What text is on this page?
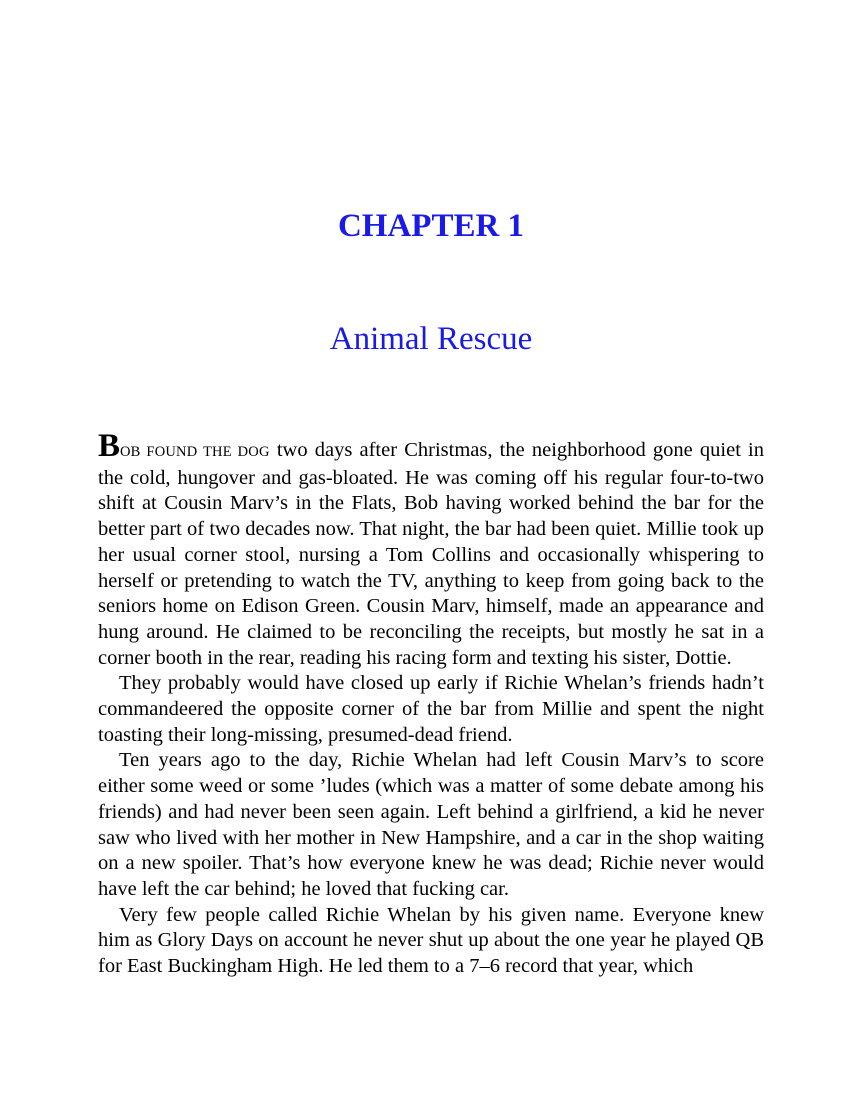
CHAPTER 1
Animal Rescue

BOB FOUND THE DOG two days after Christmas, the neighborhood gone quiet in the cold, hungover and gas-bloated. He was coming off his regular four-to-two shift at Cousin Marv’s in the Flats, Bob having worked behind the bar for the better part of two decades now. That night, the bar had been quiet. Millie took up her usual corner stool, nursing a Tom Collins and occasionally whispering to herself or pretending to watch the TV, anything to keep from going back to the seniors home on Edison Green. Cousin Marv, himself, made an appearance and hung around. He claimed to be reconciling the receipts, but mostly he sat in a corner booth in the rear, reading his racing form and texting his sister, Dottie.

They probably would have closed up early if Richie Whelan’s friends hadn’t commandeered the opposite corner of the bar from Millie and spent the night toasting their long-missing, presumed-dead friend.

Ten years ago to the day, Richie Whelan had left Cousin Marv’s to score either some weed or some ’ludes (which was a matter of some debate among his friends) and had never been seen again. Left behind a girlfriend, a kid he never saw who lived with her mother in New Hampshire, and a car in the shop waiting on a new spoiler. That’s how everyone knew he was dead; Richie never would have left the car behind; he loved that fucking car.

Very few people called Richie Whelan by his given name. Everyone knew him as Glory Days on account he never shut up about the one year he played QB for East Buckingham High. He led them to a 7–6 record that year, which
